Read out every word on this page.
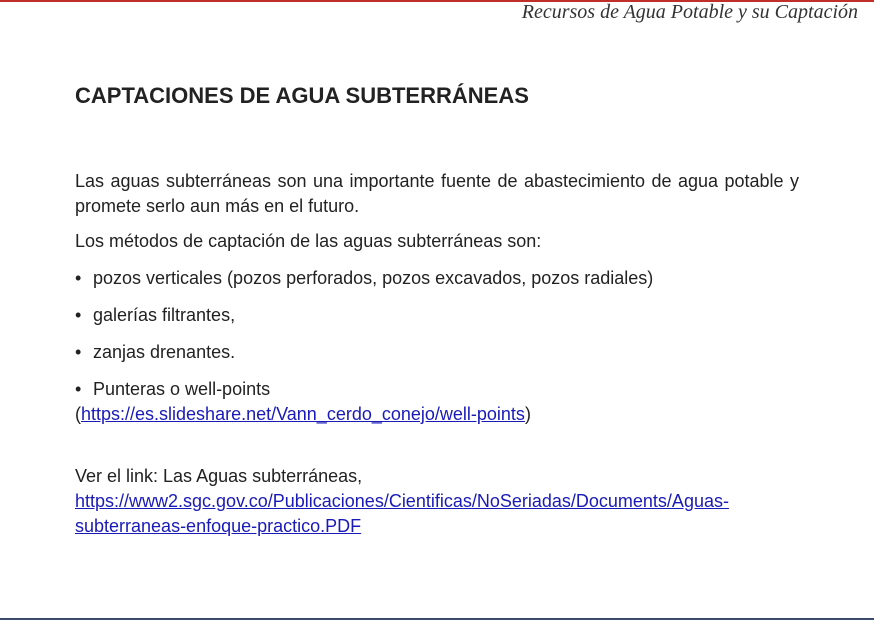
Recursos de Agua Potable y su Captación
CAPTACIONES DE AGUA SUBTERRÁNEAS

Las aguas subterráneas son una importante fuente de abastecimiento de agua potable y promete serlo aun más en el futuro.

Los métodos de captación de las aguas subterráneas son:

• pozos verticales (pozos perforados, pozos excavados, pozos radiales)
• galerías filtrantes,
• zanjas drenantes.
• Punteras o well-points
(https://es.slideshare.net/Vann_cerdo_conejo/well-points)
Ver el link: Las Aguas subterráneas,
https://www2.sgc.gov.co/Publicaciones/Cientificas/NoSeriadas/Documents/Aguas-subterraneas-enfoque-practico.PDF
